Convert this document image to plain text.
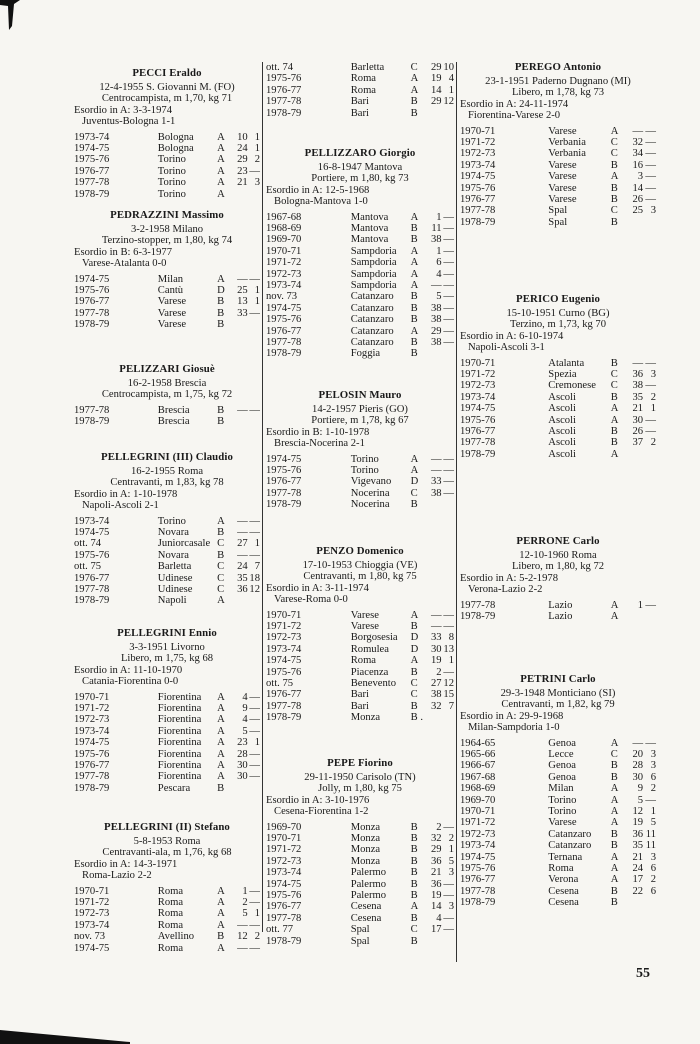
PECCI Eraldo
12-4-1955 S. Giovanni M. (FO)
Centrocampista, m 1,70, kg 71
Esordio in A: 3-3-1974
Juventus-Bologna 1-1
1973-74	Bologna	A	10	1
1974-75	Bologna	A	24	1
1975-76	Torino	A	29	2
1976-77	Torino	A	23	—
1977-78	Torino	A	21	3
1978-79	Torino	A		
PEDRAZZINI Massimo
3-2-1958 Milano
Terzino-stopper, m 1,80, kg 74
Esordio in B: 6-3-1977
Varese-Atalanta 0-0
1974-75	Milan	A	—	—
1975-76	Cantù	D	25	1
1976-77	Varese	B	13	1
1977-78	Varese	B	33	—
1978-79	Varese	B		
PELIZZARI Giosuè
16-2-1958 Brescia
Centrocampista, m 1,75, kg 72
1977-78	Brescia	B	—	—
1978-79	Brescia	B		
PELLEGRINI (III) Claudio
16-2-1955 Roma
Centravanti, m 1,83, kg 78
Esordio in A: 1-10-1978
Napoli-Ascoli 2-1
1973-74	Torino	A	—	—
1974-75	Novara	B	—	—
ott. 74	Juniorcasale	C	27	1
1975-76	Novara	B	—	—
ott. 75	Barletta	C	24	7
1976-77	Udinese	C	35	18
1977-78	Udinese	C	36	12
1978-79	Napoli	A		
PELLEGRINI Ennio
3-3-1951 Livorno
Libero, m 1,75, kg 68
Esordio in A: 11-10-1970
Catania-Fiorentina 0-0
1970-71	Fiorentina	A	4	—
1971-72	Fiorentina	A	9	—
1972-73	Fiorentina	A	4	—
1973-74	Fiorentina	A	5	—
1974-75	Fiorentina	A	23	1
1975-76	Fiorentina	A	28	—
1976-77	Fiorentina	A	30	—
1977-78	Fiorentina	A	30	—
1978-79	Pescara	B		
PELLEGRINI (II) Stefano
5-8-1953 Roma
Centravanti-ala, m 1,76, kg 68
Esordio in A: 14-3-1971
Roma-Lazio 2-2
1970-71	Roma	A	1	—
1971-72	Roma	A	2	—
1972-73	Roma	A	5	1
1973-74	Roma	A	—	—
nov. 73	Avellino	B	12	2
1974-75	Roma	A	—	—
ott. 74	Barletta	C	29	10
1975-76	Roma	A	19	4
1976-77	Roma	A	14	1
1977-78	Bari	B	29	12
1978-79	Bari	B		
PELLIZZARO Giorgio
16-8-1947 Mantova
Portiere, m 1,80, kg 73
Esordio in A: 12-5-1968
Bologna-Mantova 1-0
1967-68	Mantova	A	1	—
1968-69	Mantova	B	11	—
1969-70	Mantova	B	38	—
1970-71	Sampdoria	A	1	—
1971-72	Sampdoria	A	6	—
1972-73	Sampdoria	A	4	—
1973-74	Sampdoria	A	—	—
nov. 73	Catanzaro	B	5	—
1974-75	Catanzaro	B	38	—
1975-76	Catanzaro	B	38	—
1976-77	Catanzaro	A	29	—
1977-78	Catanzaro	B	38	—
1978-79	Foggia	B		
PELOSIN Mauro
14-2-1957 Pieris (GO)
Portiere, m 1,78, kg 67
Esordio in B: 1-10-1978
Brescia-Nocerina 2-1
1974-75	Torino	A	—	—
1975-76	Torino	A	—	—
1976-77	Vigevano	D	33	—
1977-78	Nocerina	C	38	—
1978-79	Nocerina	B		
PENZO Domenico
17-10-1953 Chioggia (VE)
Centravanti, m 1,80, kg 75
Esordio in A: 3-11-1974
Varese-Roma 0-0
1970-71	Varese	A	—	—
1971-72	Varese	B	—	—
1972-73	Borgosesia	D	33	8
1973-74	Romulea	D	30	13
1974-75	Roma	A	19	1
1975-76	Piacenza	B	2	—
ott. 75	Benevento	C	27	12
1976-77	Bari	C	38	15
1977-78	Bari	B	32	7
1978-79	Monza	B .		
PEPE Fiorino
29-11-1950 Carisolo (TN)
Jolly, m 1,80, kg 75
Esordio in A: 3-10-1976
Cesena-Fiorentina 1-2
1969-70	Monza	B	2	—
1970-71	Monza	B	32	2
1971-72	Monza	B	29	1
1972-73	Monza	B	36	5
1973-74	Palermo	B	21	3
1974-75	Palermo	B	36	—
1975-76	Palermo	B	19	—
1976-77	Cesena	A	14	3
1977-78	Cesena	B	4	—
ott. 77	Spal	C	17	—
1978-79	Spal	B		
PEREGO Antonio
23-1-1951 Paderno Dugnano (MI)
Libero, m 1,78, kg 73
Esordio in A: 24-11-1974
Fiorentina-Varese 2-0
1970-71	Varese	A	—	—
1971-72	Verbania	C	32	—
1972-73	Verbania	C	34	—
1973-74	Varese	B	16	—
1974-75	Varese	A	3	—
1975-76	Varese	B	14	—
1976-77	Varese	B	26	—
1977-78	Spal	C	25	3
1978-79	Spal	B		
PERICO Eugenio
15-10-1951 Curno (BG)
Terzino, m 1,73, kg 70
Esordio in A: 6-10-1974
Napoli-Ascoli 3-1
1970-71	Atalanta	B	—	—
1971-72	Spezia	C	36	3
1972-73	Cremonese	C	38	—
1973-74	Ascoli	B	35	2
1974-75	Ascoli	A	21	1
1975-76	Ascoli	A	30	—
1976-77	Ascoli	B	26	—
1977-78	Ascoli	B	37	2
1978-79	Ascoli	A		
PERRONE Carlo
12-10-1960 Roma
Libero, m 1,80, kg 72
Esordio in A: 5-2-1978
Verona-Lazio 2-2
1977-78	Lazio	A	1	—
1978-79	Lazio	A		
PETRINI Carlo
29-3-1948 Monticiano (SI)
Centravanti, m 1,82, kg 79
Esordio in A: 29-9-1968
Milan-Sampdoria 1-0
1964-65	Genoa	A	—	—
1965-66	Lecce	C	20	3
1966-67	Genoa	B	28	3
1967-68	Genoa	B	30	6
1968-69	Milan	A	9	2
1969-70	Torino	A	5	—
1970-71	Torino	A	12	1
1971-72	Varese	A	19	5
1972-73	Catanzaro	B	36	11
1973-74	Catanzaro	B	35	11
1974-75	Ternana	A	21	3
1975-76	Roma	A	24	6
1976-77	Verona	A	17	2
1977-78	Cesena	B	22	6
1978-79	Cesena	B		
55
